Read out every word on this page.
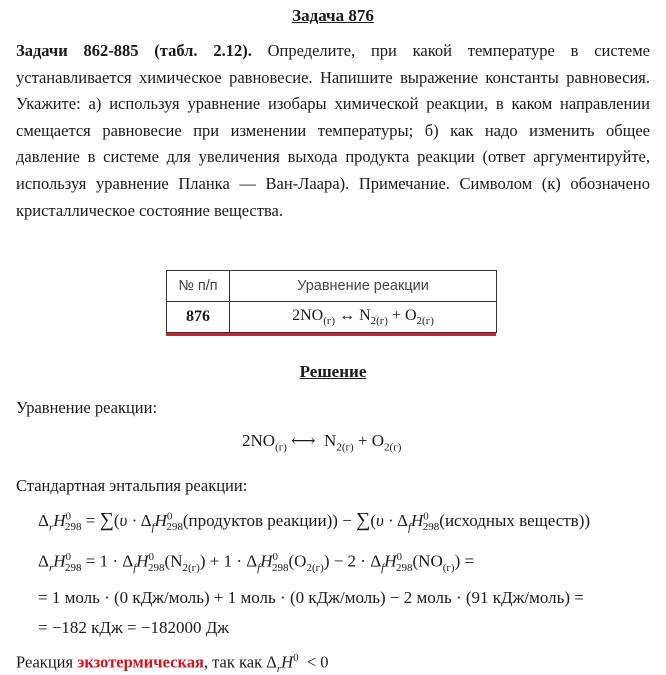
Задача 876
Задачи 862-885 (табл. 2.12). Определите, при какой температуре в системе устанавливается химическое равновесие. Напишите выражение константы равновесия. Укажите: а) используя уравнение изобары химической реакции, в каком направлении смещается равновесие при изменении температуры; б) как надо изменить общее давление в системе для увеличения выхода продукта реакции (ответ аргументируйте, используя уравнение Планка — Ван-Лаара). Примечание. Символом (к) обозначено кристаллическое состояние вещества.
№ п/п	Уравнение реакции
876	$2NO_{(г)}$ ↔ $N_{2(г)} + O_{2(г)}$
Решение
Уравнение реакции:
$2NO_{(г)}$ ⟷  $N_{2(г)} + O_{2(г)}$
Стандартная энтальпия реакции:
$\Delta_rH^0_{298} = \sum(\upsilon$ · $\Delta_fH^0_{298}(продуктов$ реакции)) − $\sum(\upsilon \cdot \Delta_fH^0_{298}(исходных$ веществ))
$\Delta_rH^0_{298} = 1 \cdot \Delta_fH^0_{298}(N_{2(г)}) + 1 \cdot \Delta_fH^0_{298}(O_{2(г)}) - 2 \cdot \Delta_fH^0_{298}(NO_{(г)})$ =
= 1 моль · (0 кДж/моль) + 1 моль · (0 кДж/моль) − 2 моль · (91 кДж/моль) =
= −182 кДж = −182000 Дж
Реакция экзотермическая, так как $\Delta_rH^0 < 0$
